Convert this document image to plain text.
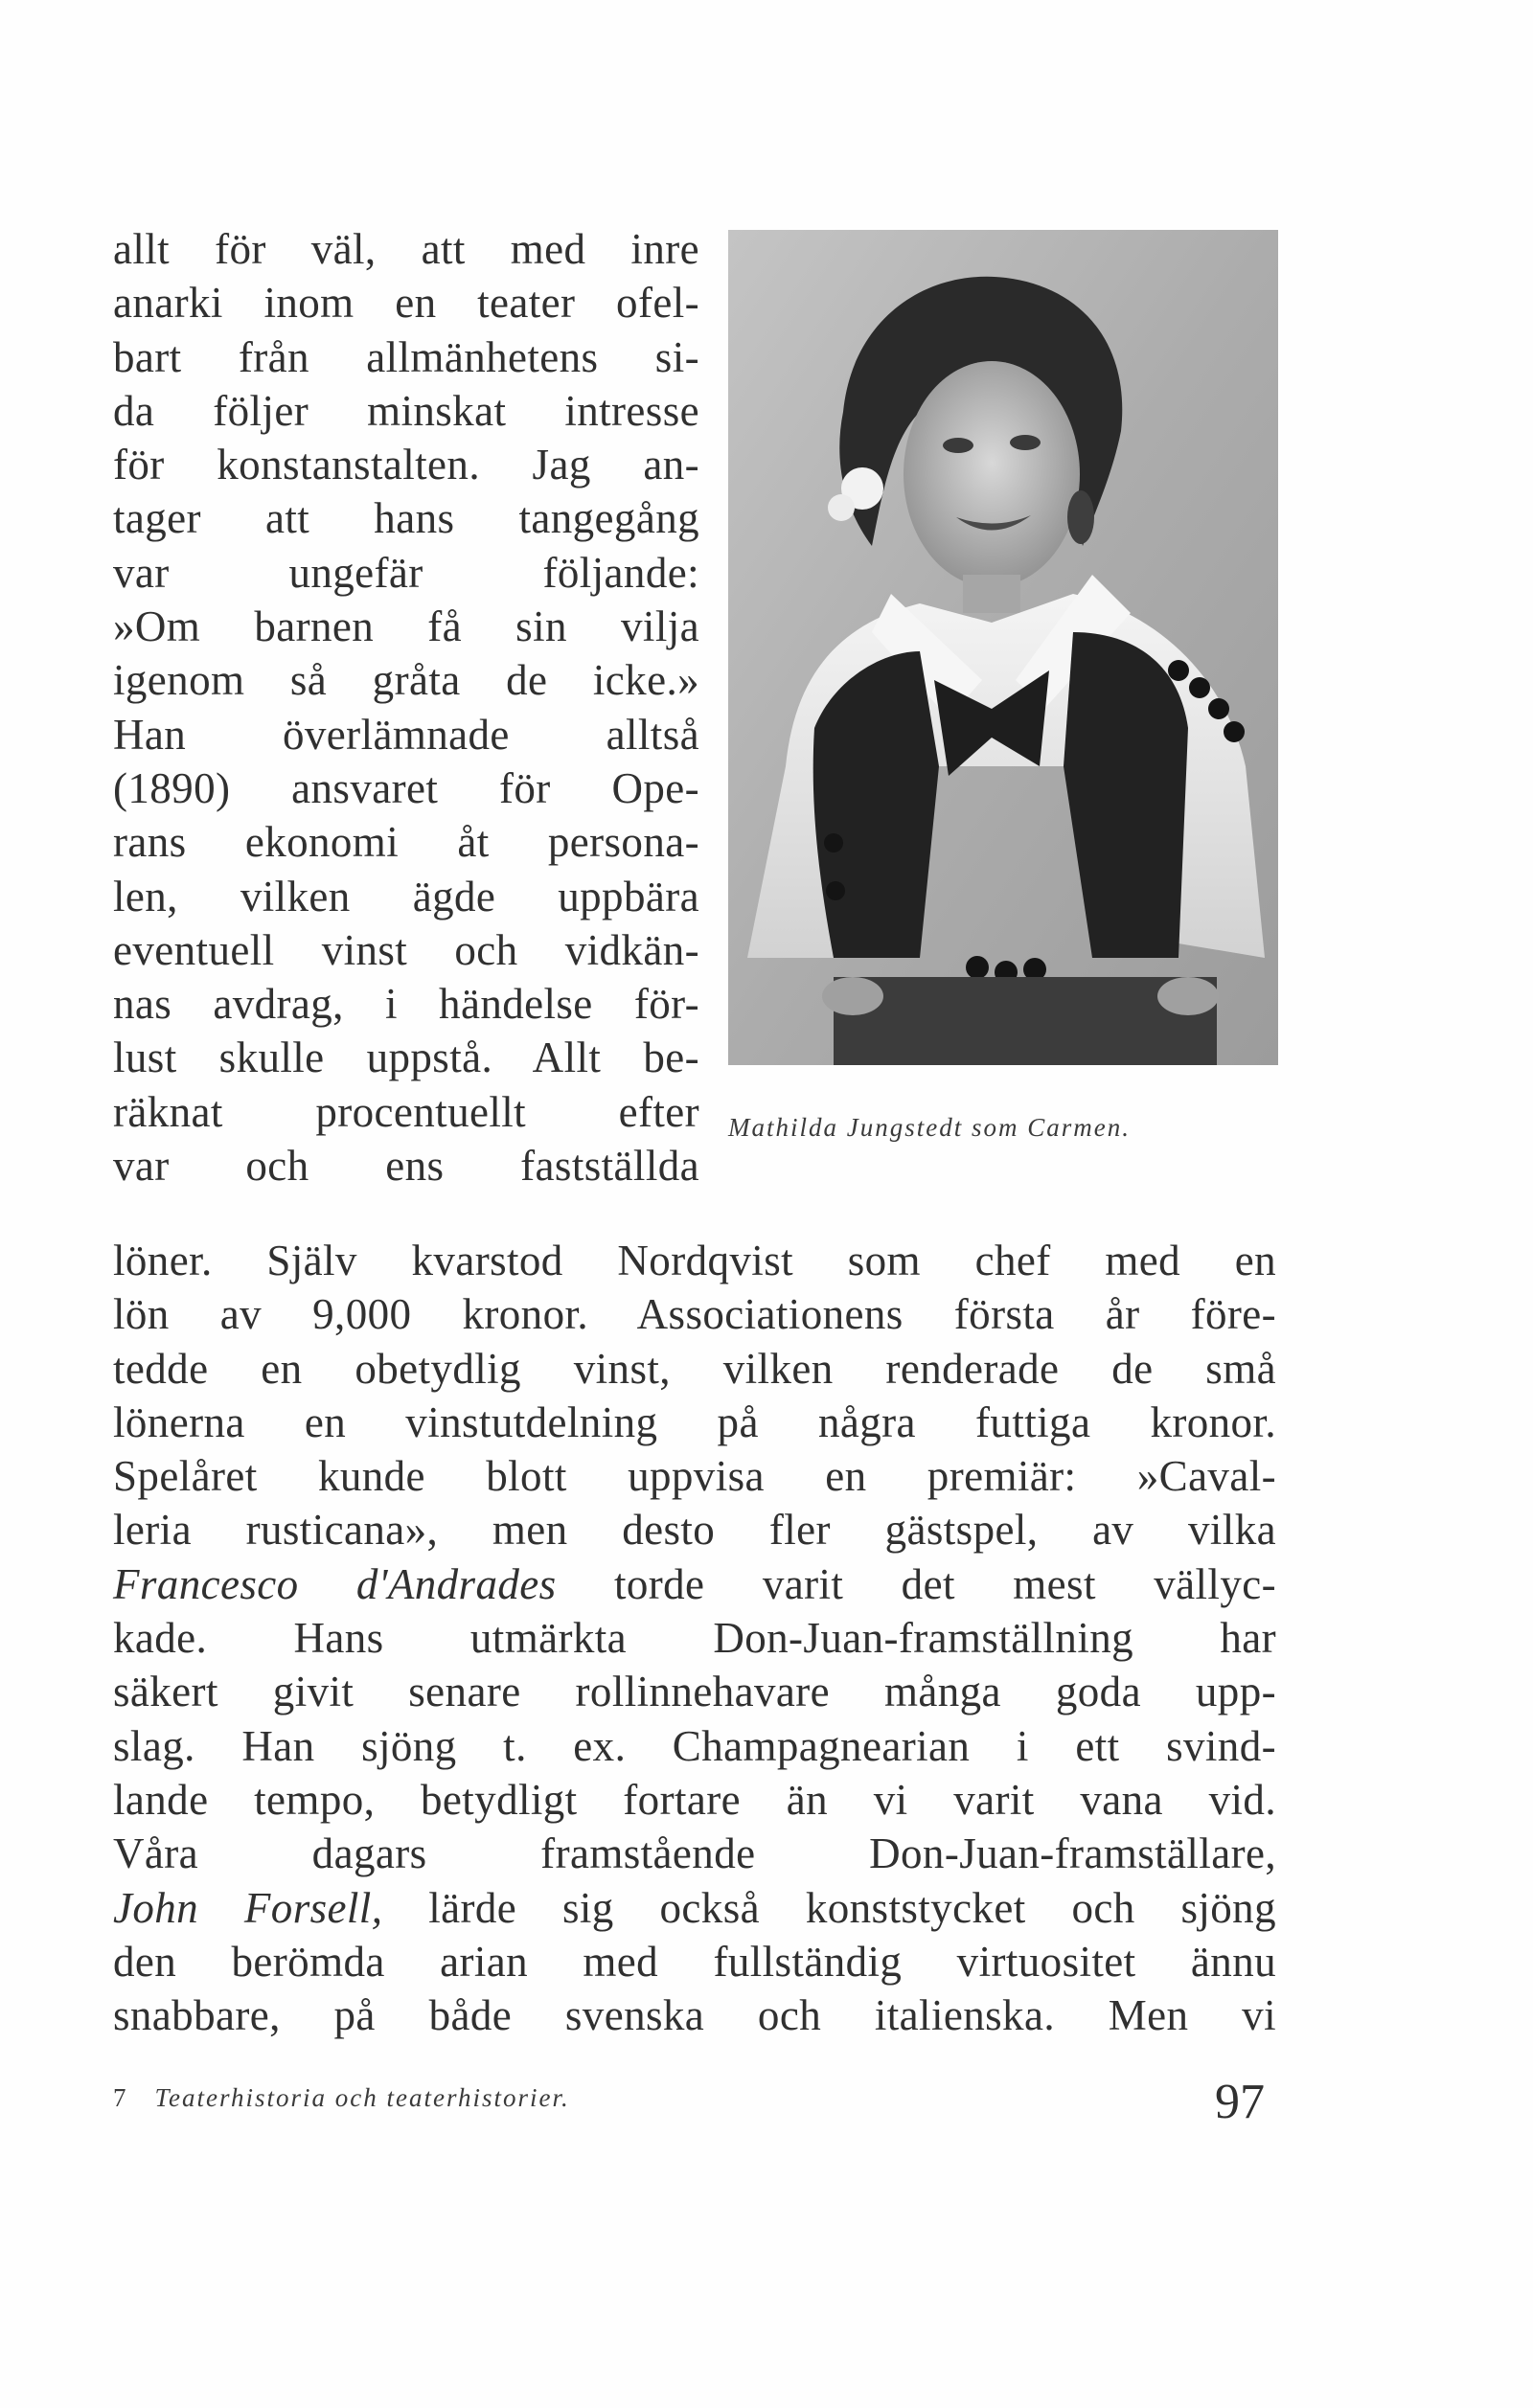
allt för väl, att med inre
anarki inom en teater ofel-
bart från allmänhetens si-
da följer minskat intresse
för konstanstalten. Jag an-
tager att hans tangegång
var ungefär följande:
»Om barnen få sin vilja
igenom så gråta de icke.»
Han överlämnade alltså
(1890) ansvaret för Ope-
rans ekonomi åt persona-
len, vilken ägde uppbära
eventuell vinst och vidkän-
nas avdrag, i händelse för-
lust skulle uppstå. Allt be-
räknat procentuellt efter
var och ens fastställda
Mathilda Jungstedt som Carmen.
löner. Själv kvarstod Nordqvist som chef med en
lön av 9,000 kronor. Associationens första år före-
tedde en obetydlig vinst, vilken renderade de små
lönerna en vinstutdelning på några futtiga kronor.
Spelåret kunde blott uppvisa en premiär: »Caval-
leria rusticana», men desto fler gästspel, av vilka
Francesco d'Andrades torde varit det mest vällyc-
kade. Hans utmärkta Don-Juan-framställning har
säkert givit senare rollinnehavare många goda upp-
slag. Han sjöng t. ex. Champagnearian i ett svind-
lande tempo, betydligt fortare än vi varit vana vid.
Våra dagars framstående Don-Juan-framställare,
John Forsell, lärde sig också konststycket och sjöng
den berömda arian med fullständig virtuositet ännu
snabbare, på både svenska och italienska. Men vi
7 Teaterhistoria och teaterhistorier.	97
